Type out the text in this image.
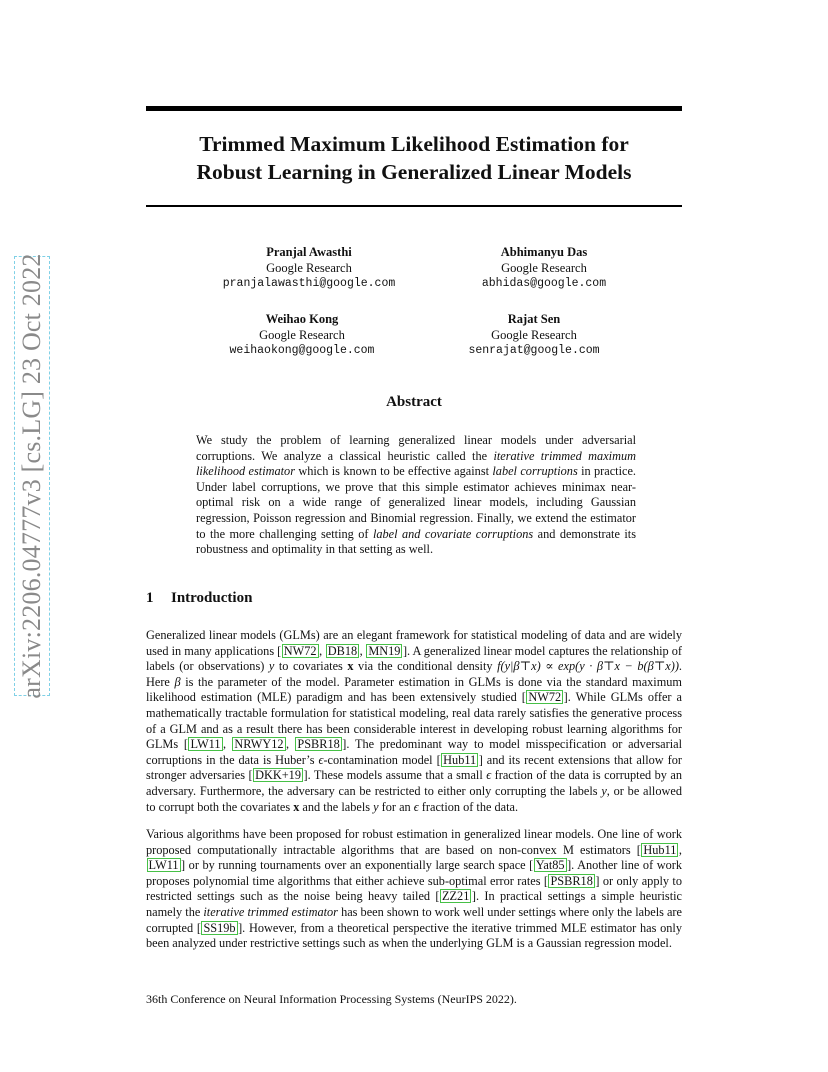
Trimmed Maximum Likelihood Estimation for
Robust Learning in Generalized Linear Models
arXiv:2206.04777v3 [cs.LG] 23 Oct 2022
Pranjal Awasthi
Google Research
pranjalawasthi@google.com
Abhimanyu Das
Google Research
abhidas@google.com
Weihao Kong
Google Research
weihaokong@google.com
Rajat Sen
Google Research
senrajat@google.com
Abstract
We study the problem of learning generalized linear models under adversarial corruptions. We analyze a classical heuristic called the iterative trimmed maximum likelihood estimator which is known to be effective against label corruptions in practice. Under label corruptions, we prove that this simple estimator achieves minimax near-optimal risk on a wide range of generalized linear models, including Gaussian regression, Poisson regression and Binomial regression. Finally, we extend the estimator to the more challenging setting of label and covariate corruptions and demonstrate its robustness and optimality in that setting as well.
1 Introduction
Generalized linear models (GLMs) are an elegant framework for statistical modeling of data and are widely used in many applications [ NW72 , DB18 , MN19 ]. A generalized linear model captures the relationship of labels (or observations) y to covariates x via the conditional density f(y|β⊤x) ∝ exp(y · β⊤x − b(β⊤x)). Here β is the parameter of the model. Parameter estimation in GLMs is done via the standard maximum likelihood estimation (MLE) paradigm and has been extensively studied [ NW72 ]. While GLMs offer a mathematically tractable formulation for statistical modeling, real data rarely satisfies the generative process of a GLM and as a result there has been considerable interest in developing robust learning algorithms for GLMs [ LW11 , NRWY12 , PSBR18 ]. The predominant way to model misspecification or adversarial corruptions in the data is Huber’s ϵ-contamination model [ Hub11 ] and its recent extensions that allow for stronger adversaries [ DKK+19 ]. These models assume that a small ϵ fraction of the data is corrupted by an adversary. Furthermore, the adversary can be restricted to either only corrupting the labels y, or be allowed to corrupt both the covariates x and the labels y for an ϵ fraction of the data.
Various algorithms have been proposed for robust estimation in generalized linear models. One line of work proposed computationally intractable algorithms that are based on non-convex M estimators [ Hub11 , LW11 ] or by running tournaments over an exponentially large search space [ Yat85 ]. Another line of work proposes polynomial time algorithms that either achieve sub-optimal error rates [ PSBR18 ] or only apply to restricted settings such as the noise being heavy tailed [ ZZ21 ]. In practical settings a simple heuristic namely the iterative trimmed estimator has been shown to work well under settings where only the labels are corrupted [ SS19b ]. However, from a theoretical perspective the iterative trimmed MLE estimator has only been analyzed under restrictive settings such as when the underlying GLM is a Gaussian regression model.
36th Conference on Neural Information Processing Systems (NeurIPS 2022).
